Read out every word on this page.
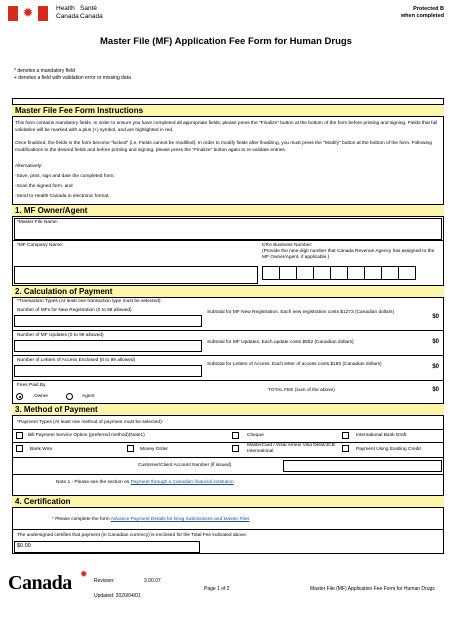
✹	Health Santé
Canada Canada
Protected B
when completed
Master File (MF) Application Fee Form for Human Drugs
* denotes a mandatory field
+ denotes a field with validation error or missing data
Master File Fee Form Instructions
This form contains mandatory fields. In order to ensure you have completed all appropriate fields, please press the "Finalize" button at the bottom of the form before printing and signing. Fields that fail validation will be marked with a plus (+) symbol, and are highlighted in red.
Once finalized, the fields in the form become "locked" (i.e. Fields cannot be modified). In order to modify fields after finalizing, you must press the "Modify" button at the bottom of the form. Following modifications to the desired fields and before printing and signing, please press the "Finalize" button again to re-validate entries.
Alternatively:
-Save, print, sign and date the completed form;
-Scan the signed form, and
-Send to Health Canada in electronic format.
1. MF Owner/Agent
*Master File Name:
*MF Company Name:	CRA Business Number:
(Provide the nine-digit number that Canada Revenue Agency has assigned to the MF Owner/Agent, if applicable.)
2. Calculation of Payment
*Transaction Types (At least one transaction type must be selected):
Number of MFs for New Registration (0 to 99 allowed)	Subtotal for MF New Registration. Each new registration costs $1273 (Canadian dollars)
$0
Number of MF Updates (0 to 99 allowed)
Subtotal for MF Updates. Each update costs $552 (Canadian dollars)	$0
Number of Letters of Access Enclosed (0 to 99 allowed)
Subtotal for Letters of Access. Each letter of access costs $180 (Canadian dollars)	$0
Fees Paid By
Owner	Agent
TOTAL FEE (sum of the above)	$0
3. Method of Payment
*Payment Types (At least one method of payment must be selected):
Bill Payment Service Option (preferred method)(Note1)	Cheque	International Bank Draft
Bank Wire	Money Order
MasterCard / Visa/ Amex/ Visa Debit/JCB International	Payment Using Existing Credit
Customer/Client Account Number (if issued)
Note 1 - Please see the section on Payment through a Canadian financial institution
4. Certification
* Please complete the form Advance Payment Details for Drug Submissions and Master Files
The undersigned certifies that payment (in Canadian currency) is enclosed for the Total Fee indicated above.
$0.00
Canada ✹
Revision:	3.00.07
Updated: 2020/04/01
Page 1 of 2	Master File (MF) Application Fee Form for Human Drugs
